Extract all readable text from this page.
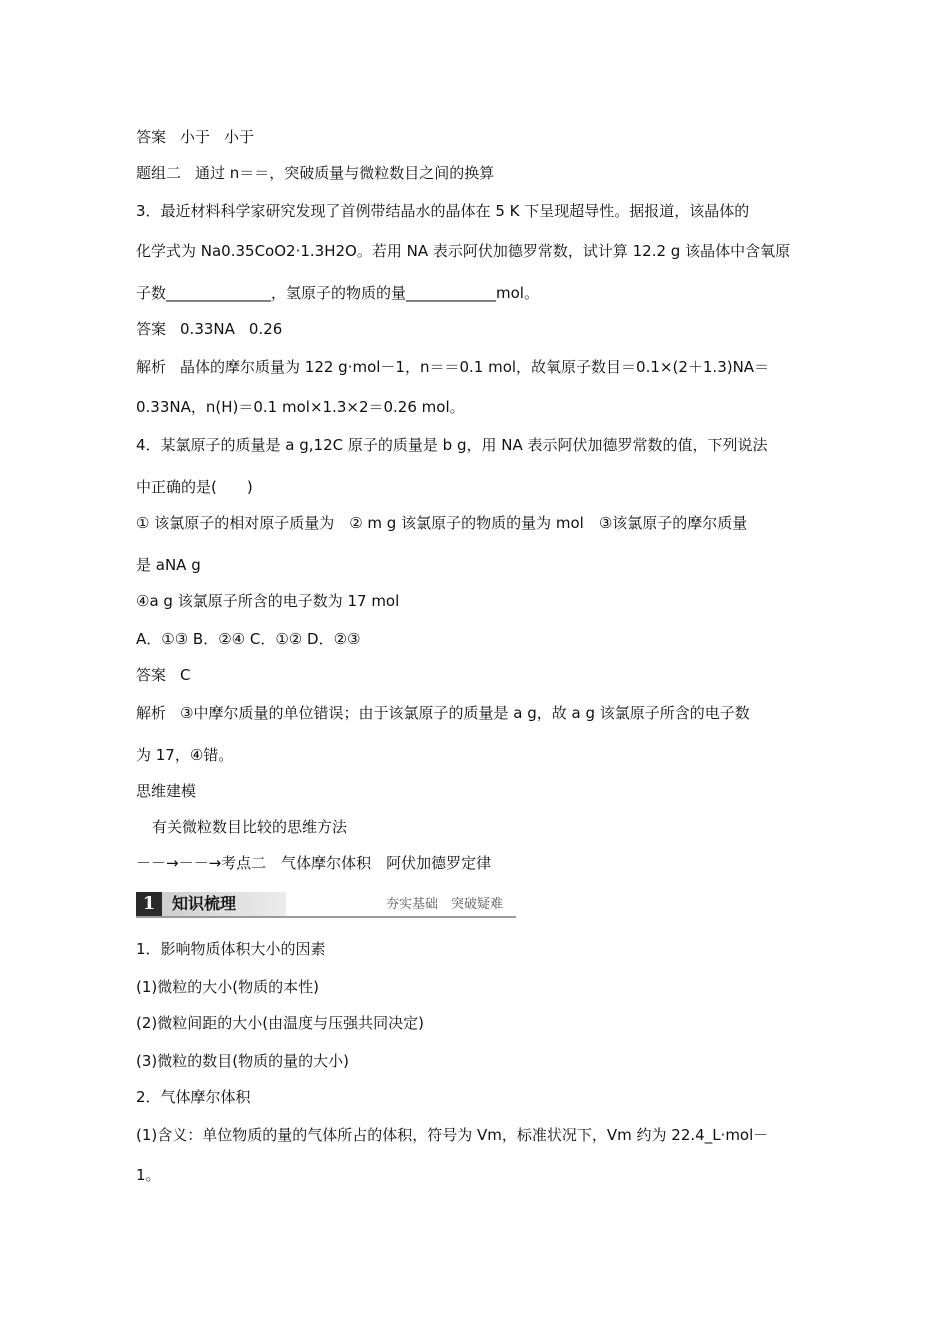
答案 小于 小于

题组二 通过 n＝＝，突破质量与微粒数目之间的换算

3．最近材料科学家研究发现了首例带结晶水的晶体在 5 K 下呈现超导性。据报道，该晶体的

化学式为 Na0.35CoO2·1.3H2O。若用 NA 表示阿伏加德罗常数，试计算 12.2 g 该晶体中含氧原

子数______________，氢原子的物质的量____________mol。

答案 0.33NA 0.26

解析 晶体的摩尔质量为 122 g·mol－1，n＝＝0.1 mol，故氧原子数目＝0.1×(2＋1.3)NA＝

0.33NA，n(H)＝0.1 mol×1.3×2＝0.26 mol。

4．某氯原子的质量是 a g,12C 原子的质量是 b g，用 NA 表示阿伏加德罗常数的值，下列说法

中正确的是(　　)

① 该氯原子的相对原子质量为　② m g 该氯原子的物质的量为 mol　③该氯原子的摩尔质量

是 aNA g

④a g 该氯原子所含的电子数为 17 mol

A．①③ B．②④ C．①② D．②③

答案 C

解析 ③中摩尔质量的单位错误；由于该氯原子的质量是 a g，故 a g 该氯原子所含的电子数

为 17，④错。

思维建模

有关微粒数目比较的思维方法

－－→－－→考点二　气体摩尔体积　阿伏加德罗定律

1	知识梳理	夯实基础　突破疑难

1．影响物质体积大小的因素

(1)微粒的大小(物质的本性)

(2)微粒间距的大小(由温度与压强共同决定)

(3)微粒的数目(物质的量的大小)

2．气体摩尔体积

(1)含义：单位物质的量的气体所占的体积，符号为 Vm，标准状况下，Vm 约为 22.4_L·mol－

1。
